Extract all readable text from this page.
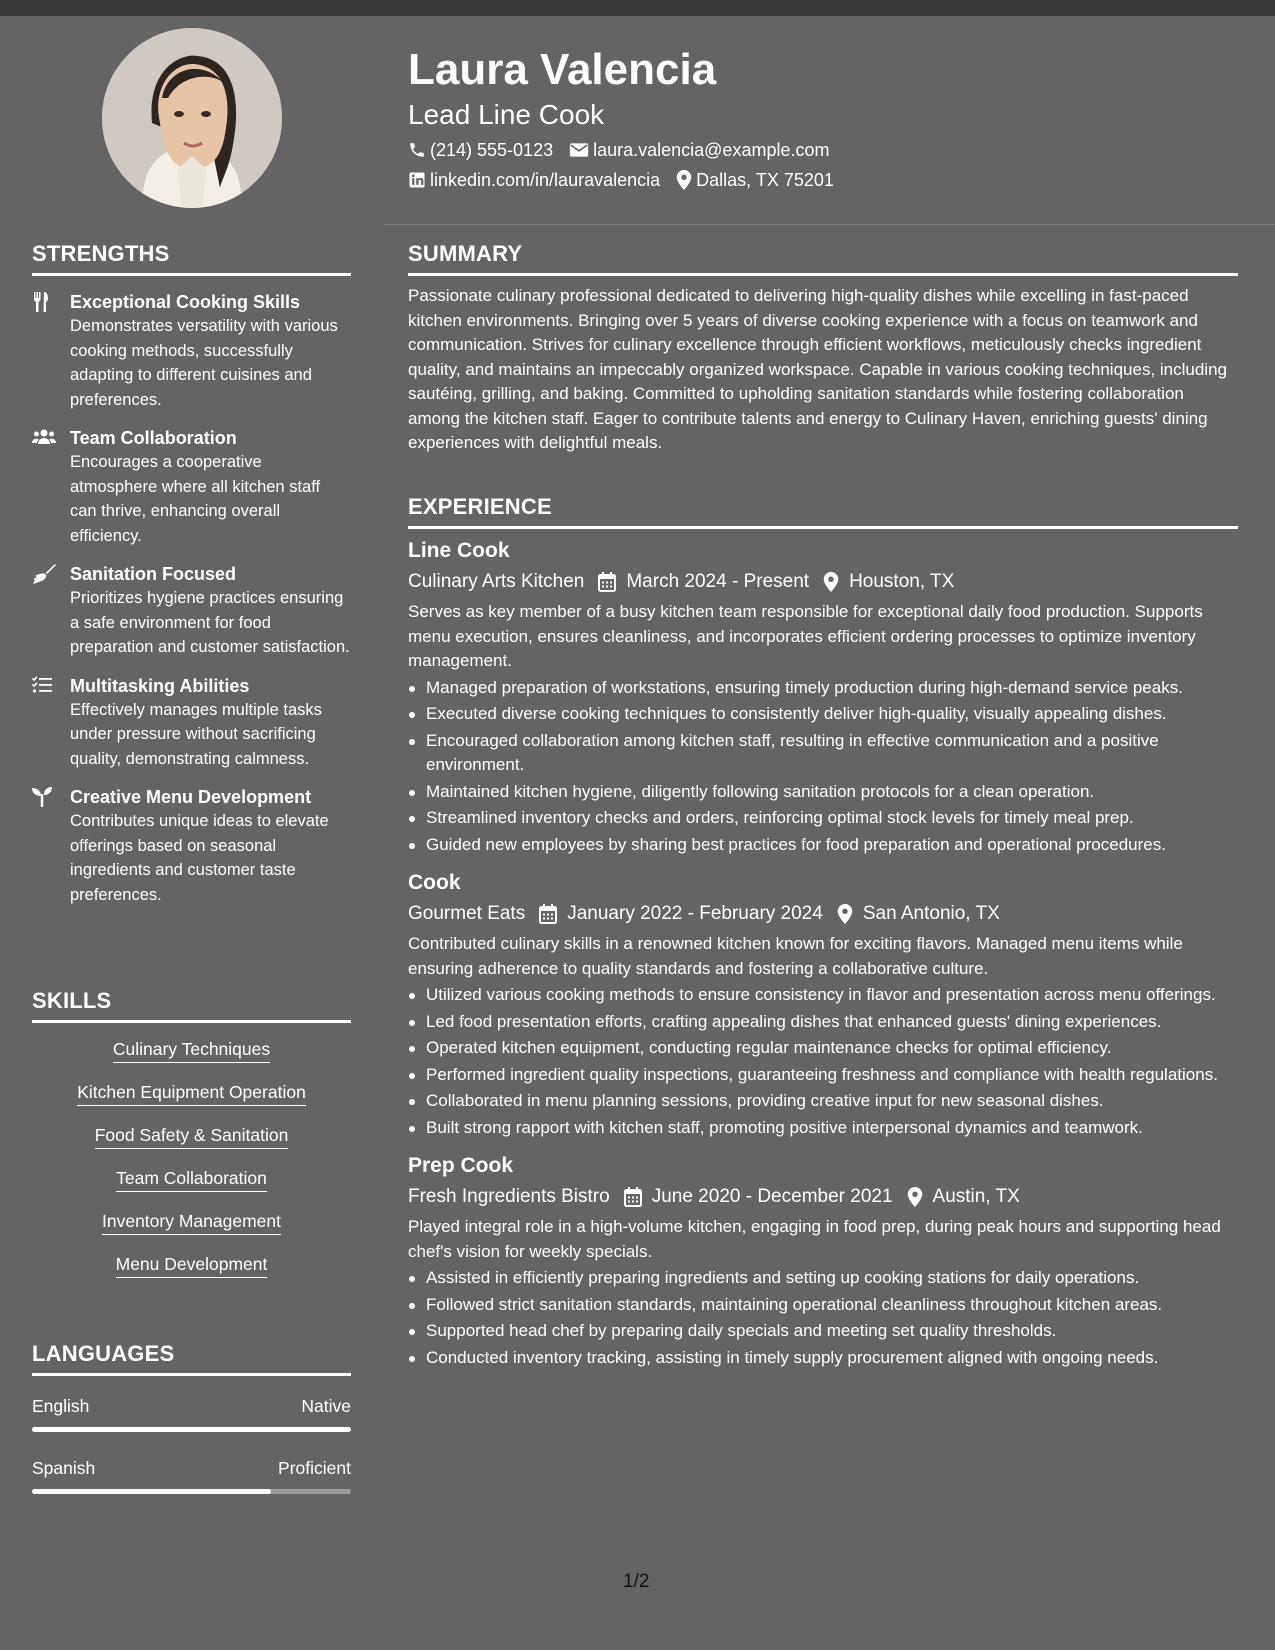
Laura Valencia
Lead Line Cook
(214) 555-0123 laura.valencia@example.com
linkedin.com/in/lauravalencia Dallas, TX 75201
STRENGTHS
Exceptional Cooking Skills
Demonstrates versatility with various cooking methods, successfully adapting to different cuisines and preferences.
Team Collaboration
Encourages a cooperative atmosphere where all kitchen staff can thrive, enhancing overall efficiency.
Sanitation Focused
Prioritizes hygiene practices ensuring a safe environment for food preparation and customer satisfaction.
Multitasking Abilities
Effectively manages multiple tasks under pressure without sacrificing quality, demonstrating calmness.
Creative Menu Development
Contributes unique ideas to elevate offerings based on seasonal ingredients and customer taste preferences.
SKILLS
Culinary Techniques
Kitchen Equipment Operation
Food Safety & Sanitation
Team Collaboration
Inventory Management
Menu Development
LANGUAGES
English	Native
Spanish	Proficient
SUMMARY

Passionate culinary professional dedicated to delivering high-quality dishes while excelling in fast-paced kitchen environments. Bringing over 5 years of diverse cooking experience with a focus on teamwork and communication. Strives for culinary excellence through efficient workflows, meticulously checks ingredient quality, and maintains an impeccably organized workspace. Capable in various cooking techniques, including sautéing, grilling, and baking. Committed to upholding sanitation standards while fostering collaboration among the kitchen staff. Eager to contribute talents and energy to Culinary Haven, enriching guests' dining experiences with delightful meals.

EXPERIENCE
Line Cook
Culinary Arts Kitchen March 2024 - Present Houston, TX

Serves as key member of a busy kitchen team responsible for exceptional daily food production. Supports menu execution, ensures cleanliness, and incorporates efficient ordering processes to optimize inventory management.

Managed preparation of workstations, ensuring timely production during high-demand service peaks.
Executed diverse cooking techniques to consistently deliver high-quality, visually appealing dishes.
Encouraged collaboration among kitchen staff, resulting in effective communication and a positive environment.
Maintained kitchen hygiene, diligently following sanitation protocols for a clean operation.
Streamlined inventory checks and orders, reinforcing optimal stock levels for timely meal prep.
Guided new employees by sharing best practices for food preparation and operational procedures.
Cook
Gourmet Eats January 2022 - February 2024 San Antonio, TX

Contributed culinary skills in a renowned kitchen known for exciting flavors. Managed menu items while ensuring adherence to quality standards and fostering a collaborative culture.

Utilized various cooking methods to ensure consistency in flavor and presentation across menu offerings.
Led food presentation efforts, crafting appealing dishes that enhanced guests' dining experiences.
Operated kitchen equipment, conducting regular maintenance checks for optimal efficiency.
Performed ingredient quality inspections, guaranteeing freshness and compliance with health regulations.
Collaborated in menu planning sessions, providing creative input for new seasonal dishes.
Built strong rapport with kitchen staff, promoting positive interpersonal dynamics and teamwork.
Prep Cook
Fresh Ingredients Bistro June 2020 - December 2021 Austin, TX

Played integral role in a high-volume kitchen, engaging in food prep, during peak hours and supporting head chef's vision for weekly specials.

Assisted in efficiently preparing ingredients and setting up cooking stations for daily operations.
Followed strict sanitation standards, maintaining operational cleanliness throughout kitchen areas.
Supported head chef by preparing daily specials and meeting set quality thresholds.
Conducted inventory tracking, assisting in timely supply procurement aligned with ongoing needs.
1/2
